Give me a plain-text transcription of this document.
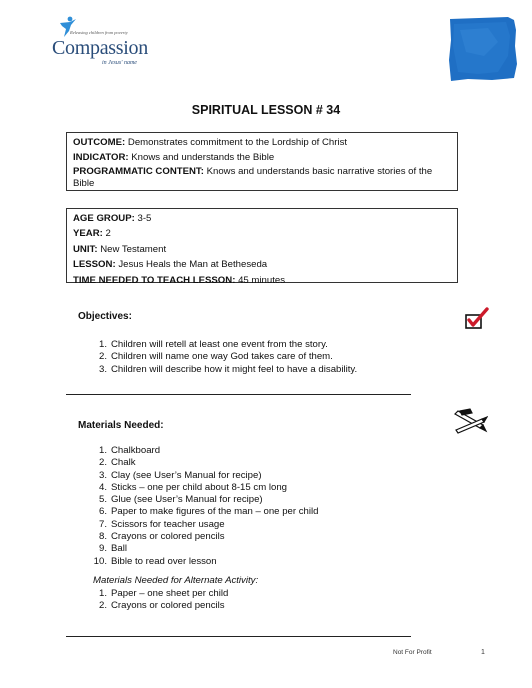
Releasing children from poverty
Compassion
in Jesus' name
SPIRITUAL LESSON # 34
OUTCOME: Demonstrates commitment to the Lordship of Christ
INDICATOR: Knows and understands the Bible
PROGRAMMATIC CONTENT: Knows and understands basic narrative stories of the Bible
AGE GROUP: 3-5
YEAR: 2
UNIT: New Testament
LESSON: Jesus Heals the Man at Betheseda
TIME NEEDED TO TEACH LESSON: 45 minutes
Objectives:
1. Children will retell at least one event from the story.
2. Children will name one way God takes care of them.
3. Children will describe how it might feel to have a disability.
Materials Needed:
1. Chalkboard
2. Chalk
3. Clay (see User’s Manual for recipe)
4. Sticks – one per child about 8-15 cm long
5. Glue (see User’s Manual for recipe)
6. Paper to make figures of the man – one per child
7. Scissors for teacher usage
8. Crayons or colored pencils
9. Ball
10. Bible to read over lesson
Materials Needed for Alternate Activity:
1. Paper – one sheet per child
2. Crayons or colored pencils
Not For Profit	1
